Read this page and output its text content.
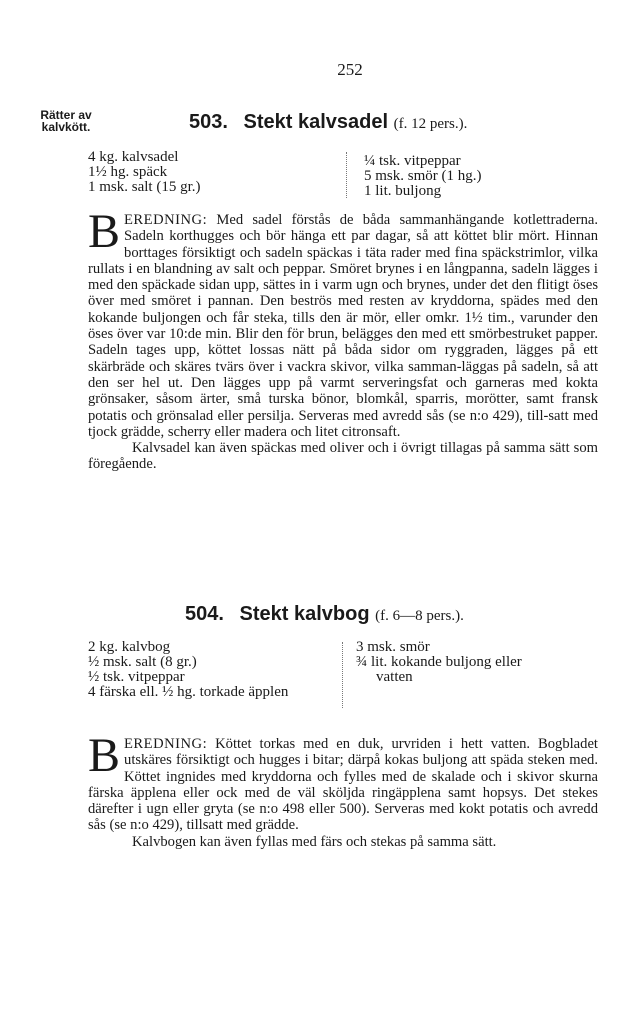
252
Rätter av
kalvkött.	503. Stekt kalvsadel (f. 12 pers.).
4 kg. kalvsadel
1½ hg. späck
1 msk. salt (15 gr.)
¼ tsk. vitpeppar
5 msk. smör (1 hg.)
1 lit. buljong

BEREDNING: Med sadel förstås de båda sammanhängande kotlettraderna. Sadeln korthugges och bör hänga ett par dagar, så att köttet blir mört. Hinnan borttages försiktigt och sadeln späckas i täta rader med fina späckstrimlor, vilka rullats i en blandning av salt och peppar. Smöret brynes i en långpanna, sadeln lägges i med den späckade sidan upp, sättes in i varm ugn och brynes, under det den flitigt öses över med smöret i pannan. Den beströs med resten av kryddorna, spädes med den kokande buljongen och får steka, tills den är mör, eller omkr. 1½ tim., varunder den öses över var 10:de min. Blir den för brun, belägges den med ett smörbestruket papper. Sadeln tages upp, köttet lossas nätt på båda sidor om ryggraden, lägges på ett skärbräde och skäres tvärs över i vackra skivor, vilka samman-läggas på sadeln, så att den ser hel ut. Den lägges upp på varmt serveringsfat och garneras med kokta grönsaker, såsom ärter, små turska bönor, blomkål, sparris, morötter, samt fransk potatis och grönsalad eller persilja. Serveras med avredd sås (se n:o 429), till-satt med tjock grädde, scherry eller madera och litet citronsaft.

Kalvsadel kan även späckas med oliver och i övrigt tillagas på samma sätt som föregående.

504. Stekt kalvbog (f. 6—8 pers.).
2 kg. kalvbog
½ msk. salt (8 gr.)
½ tsk. vitpeppar
4 färska ell. ½ hg. torkade äpplen
3 msk. smör
¾ lit. kokande buljong eller
vatten

BEREDNING: Köttet torkas med en duk, urvriden i hett vatten. Bogbladet utskäres försiktigt och hugges i bitar; därpå kokas buljong att späda steken med. Köttet ingnides med kryddorna och fylles med de skalade och i skivor skurna färska äpplena eller ock med de väl sköljda ringäpplena samt hopsys. Det stekes därefter i ugn eller gryta (se n:o 498 eller 500). Serveras med kokt potatis och avredd sås (se n:o 429), tillsatt med grädde.

Kalvbogen kan även fyllas med färs och stekas på samma sätt.
